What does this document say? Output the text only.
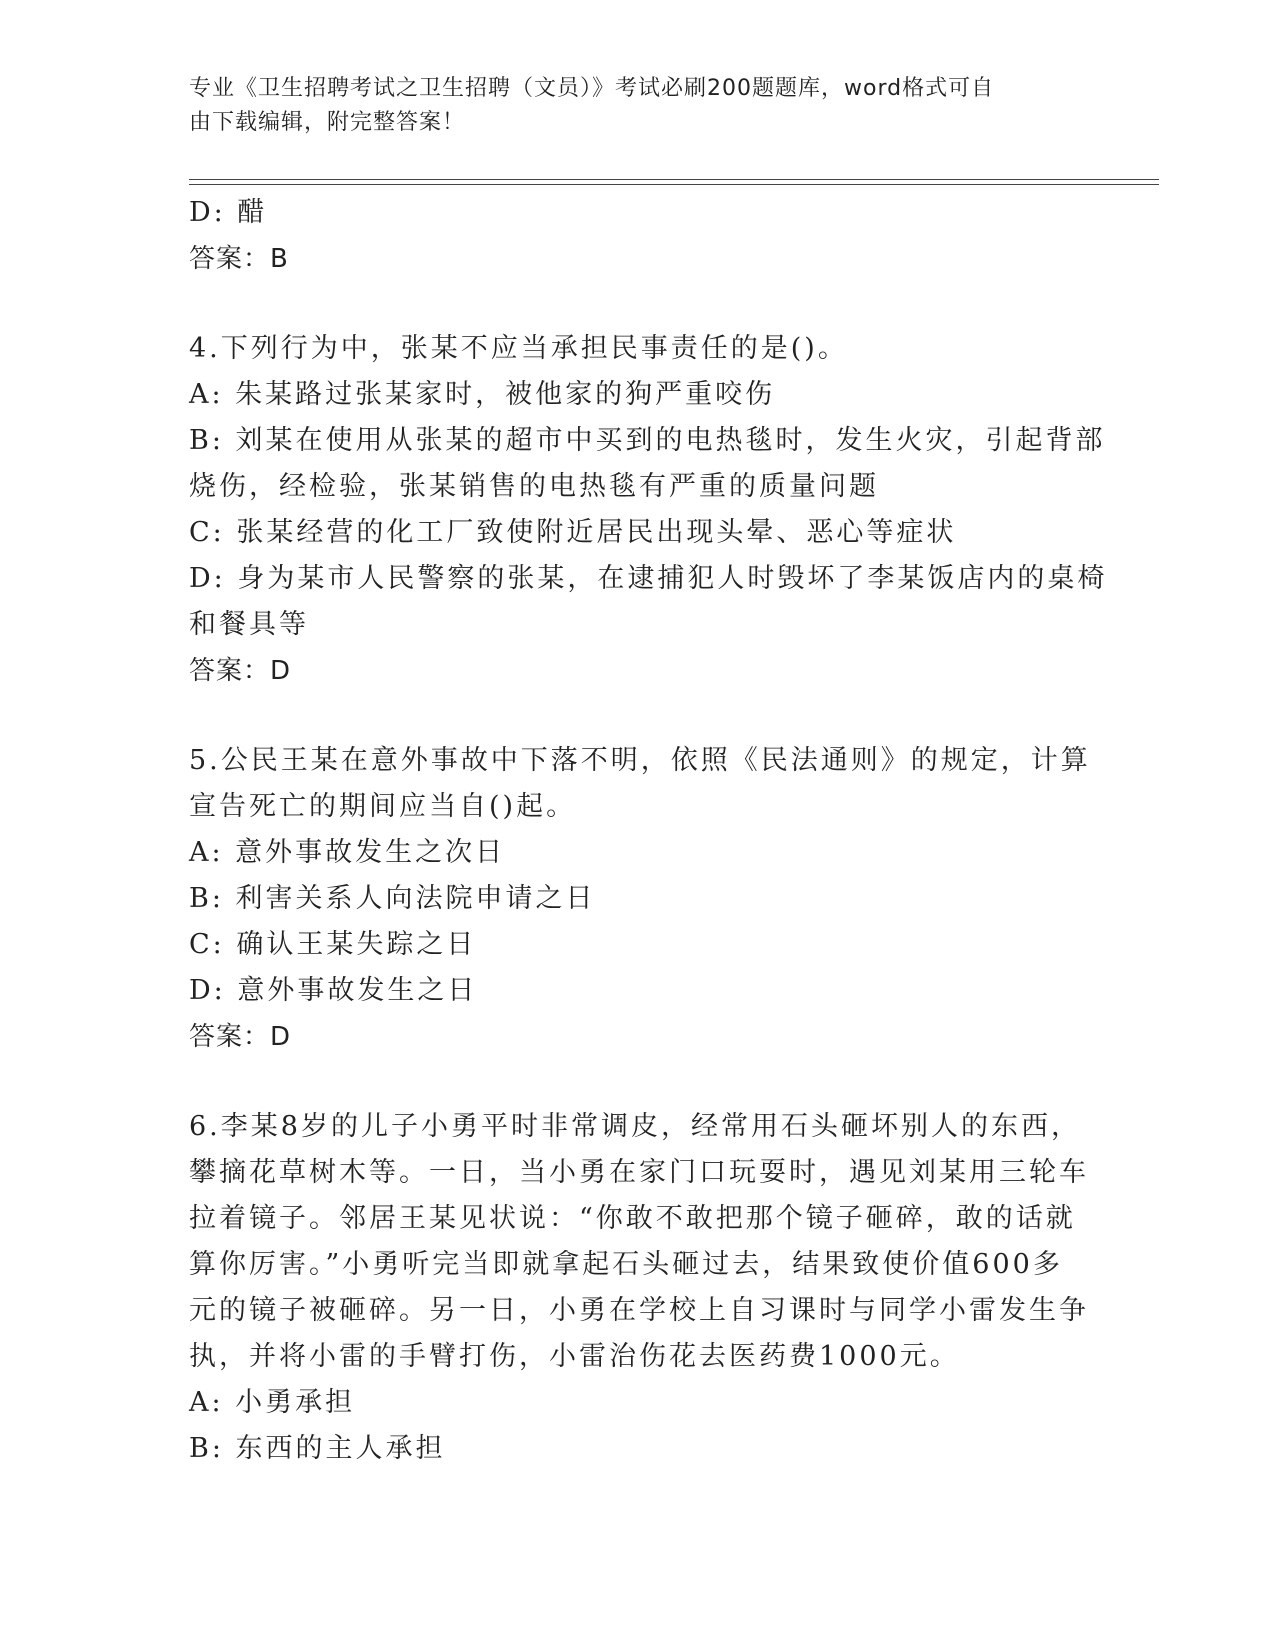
专业《卫生招聘考试之卫生招聘（文员）》考试必刷200题题库，word格式可自
由下载编辑，附完整答案！
D: 醋
答案：B
4.下列行为中，张某不应当承担民事责任的是()。
A: 朱某路过张某家时，被他家的狗严重咬伤
B: 刘某在使用从张某的超市中买到的电热毯时，发生火灾，引起背部
烧伤，经检验，张某销售的电热毯有严重的质量问题
C: 张某经营的化工厂致使附近居民出现头晕、恶心等症状
D: 身为某市人民警察的张某，在逮捕犯人时毁坏了李某饭店内的桌椅
和餐具等
答案：D
5.公民王某在意外事故中下落不明，依照《民法通则》的规定，计算
宣告死亡的期间应当自()起。
A: 意外事故发生之次日
B: 利害关系人向法院申请之日
C: 确认王某失踪之日
D: 意外事故发生之日
答案：D
6.李某8岁的儿子小勇平时非常调皮，经常用石头砸坏别人的东西，
攀摘花草树木等。一日，当小勇在家门口玩耍时，遇见刘某用三轮车
拉着镜子。邻居王某见状说：“你敢不敢把那个镜子砸碎，敢的话就
算你厉害。”小勇听完当即就拿起石头砸过去，结果致使价值600多
元的镜子被砸碎。另一日，小勇在学校上自习课时与同学小雷发生争
执，并将小雷的手臂打伤，小雷治伤花去医药费1000元。
A: 小勇承担
B: 东西的主人承担
